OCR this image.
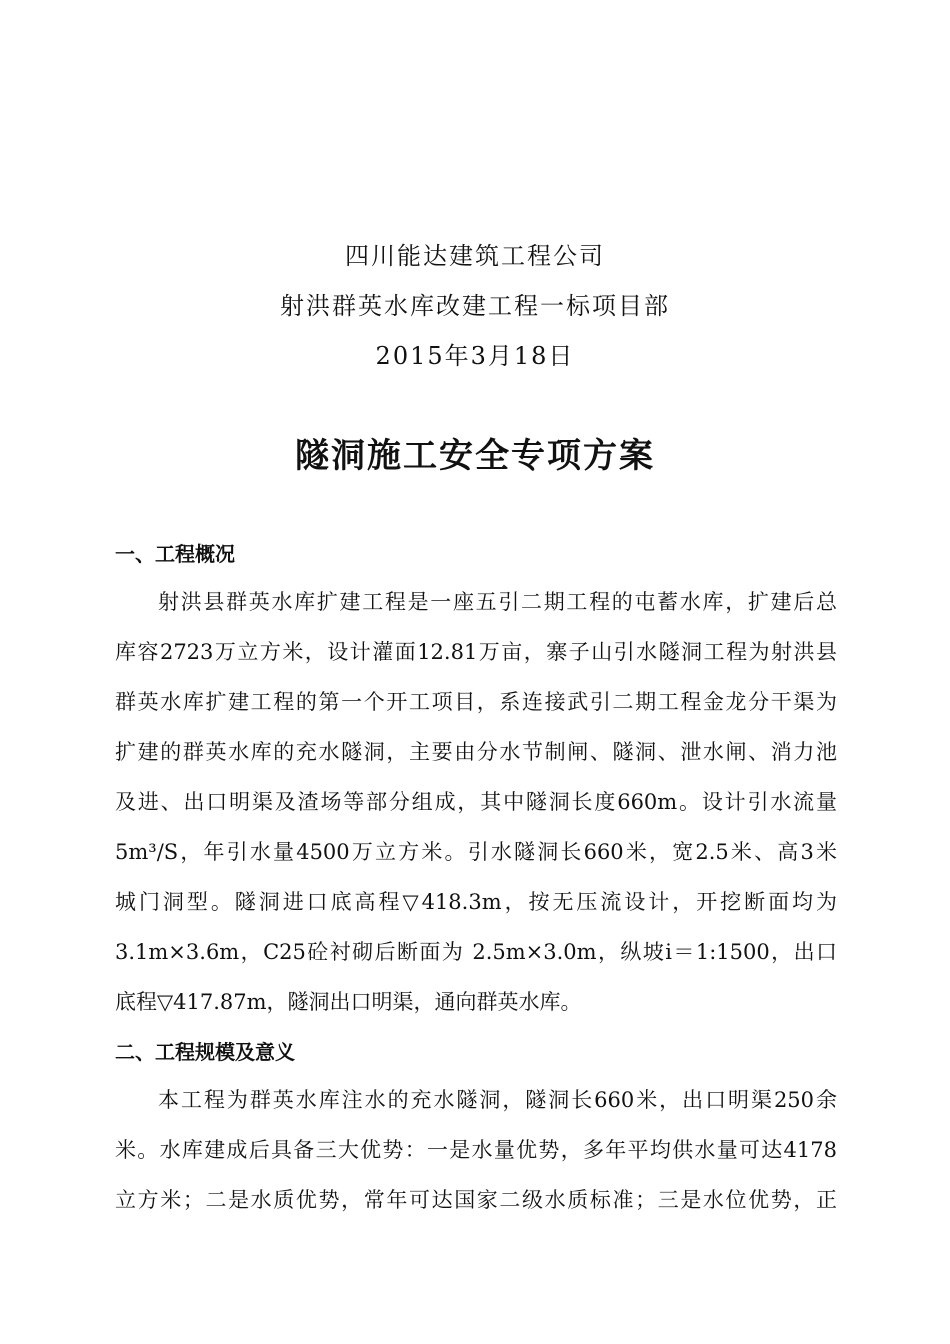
四川能达建筑工程公司
射洪群英水库改建工程一标项目部
2015年3月18日
隧洞施工安全专项方案
一、工程概况
射洪县群英水库扩建工程是一座五引二期工程的屯蓄水库，扩建后总
库容2723万立方米，设计灌面12.81万亩，寨子山引水隧洞工程为射洪县
群英水库扩建工程的第一个开工项目，系连接武引二期工程金龙分干渠为
扩建的群英水库的充水隧洞，主要由分水节制闸、隧洞、泄水闸、消力池
及进、出口明渠及渣场等部分组成，其中隧洞长度660m。设计引水流量
5m³/S，年引水量4500万立方米。引水隧洞长660米，宽2.5米、高3米
城门洞型。隧洞进口底高程▽418.3m，按无压流设计，开挖断面均为
3.1m×3.6m，C25砼衬砌后断面为 2.5m×3.0m，纵坡i＝1:1500，出口
底程▽417.87m，隧洞出口明渠，通向群英水库。
二、工程规模及意义
本工程为群英水库注水的充水隧洞，隧洞长660米，出口明渠250余
米。水库建成后具备三大优势：一是水量优势，多年平均供水量可达4178
立方米；二是水质优势，常年可达国家二级水质标准；三是水位优势，正
